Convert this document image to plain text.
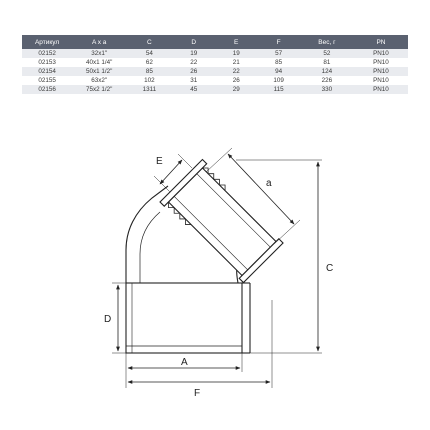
Артикул	A x a	C	D	E	F	Вес, г	PN
02152	32x1"	54	19	19	57	52	PN10
02153	40x1 1/4"	62	22	21	85	81	PN10
02154	50x1 1/2"	85	26	22	94	124	PN10
02155	63x2"	102	31	26	109	226	PN10
02156	75x2 1/2"	1311	45	29	115	330	PN10
E
a
C
D
A
F
